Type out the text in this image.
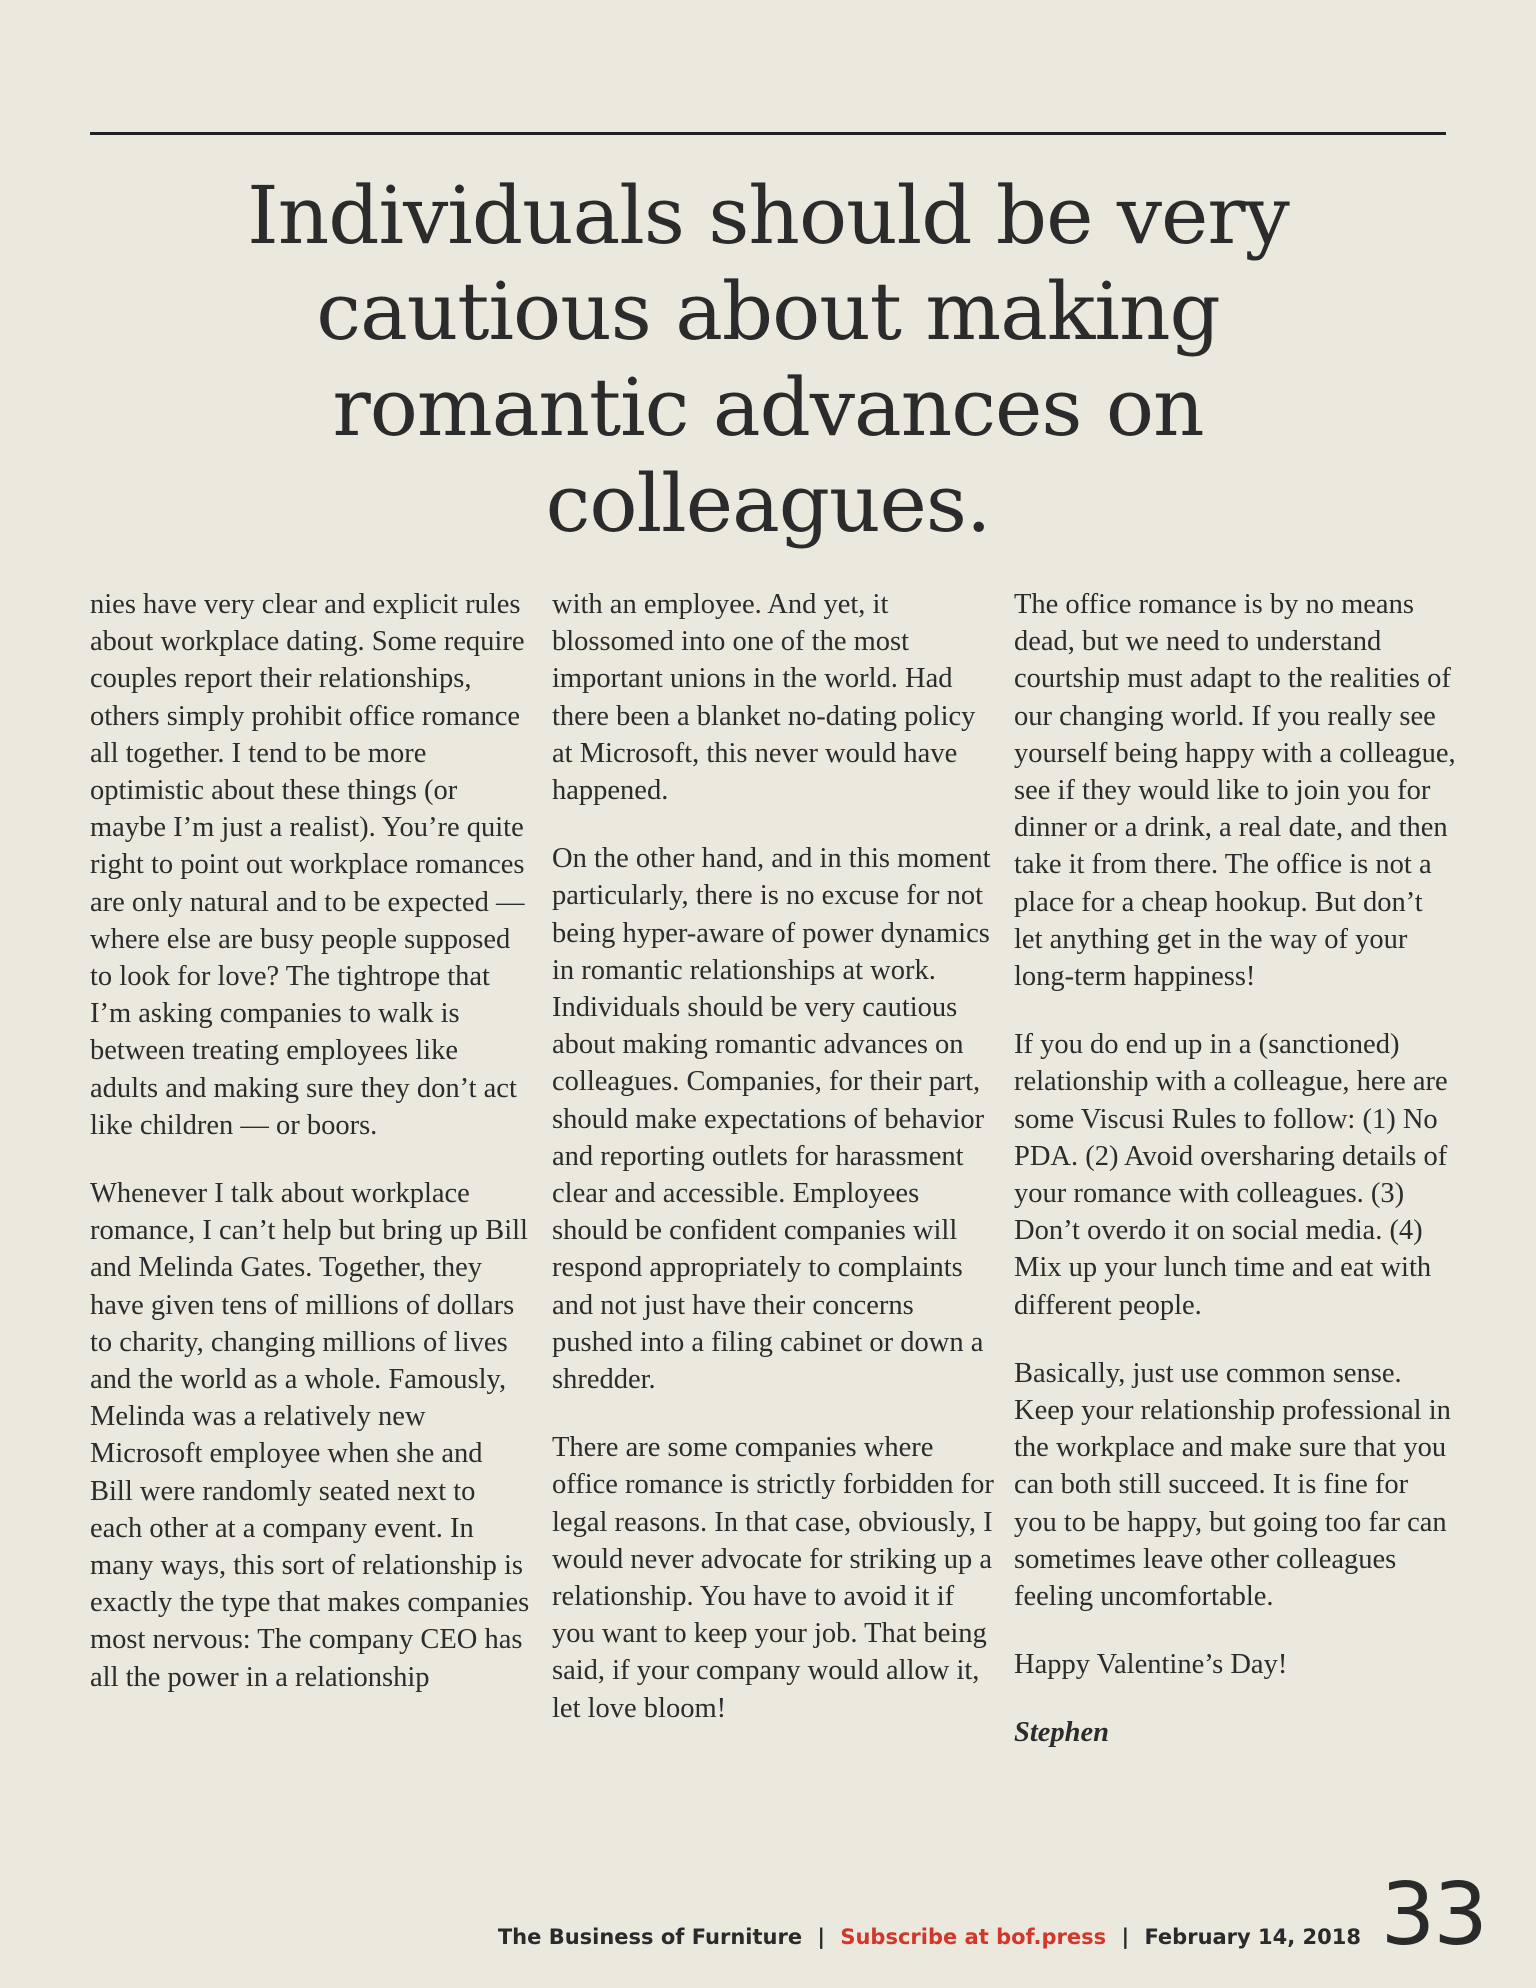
Individuals should be very cautious about making romantic advances on colleagues.

nies have very clear and explicit rules about workplace dating. Some require couples report their relationships, others simply prohibit office romance all together. I tend to be more optimistic about these things (or maybe I’m just a realist). You’re quite right to point out workplace romances are only natural and to be expected — where else are busy people supposed to look for love? The tightrope that I’m asking companies to walk is between treating employees like adults and making sure they don’t act like children — or boors.

Whenever I talk about workplace romance, I can’t help but bring up Bill and Melinda Gates. Together, they have given tens of millions of dollars to charity, changing millions of lives and the world as a whole. Famously, Melinda was a relatively new Microsoft employee when she and Bill were randomly seated next to each other at a company event. In many ways, this sort of relationship is exactly the type that makes companies most nervous: The company CEO has all the power in a relationship

with an employee. And yet, it blossomed into one of the most important unions in the world. Had there been a blanket no-dating policy at Microsoft, this never would have happened.

On the other hand, and in this moment particularly, there is no excuse for not being hyper-aware of power dynamics in romantic relationships at work. Individuals should be very cautious about making romantic advances on colleagues. Companies, for their part, should make expectations of behavior and reporting outlets for harassment clear and accessible. Employees should be confident companies will respond appropriately to complaints and not just have their concerns pushed into a filing cabinet or down a shredder.

There are some companies where office romance is strictly forbidden for legal reasons. In that case, obviously, I would never advocate for striking up a relationship. You have to avoid it if you want to keep your job. That being said, if your company would allow it, let love bloom!

The office romance is by no means dead, but we need to understand courtship must adapt to the realities of our changing world. If you really see yourself being happy with a colleague, see if they would like to join you for dinner or a drink, a real date, and then take it from there. The office is not a place for a cheap hookup. But don’t let anything get in the way of your long-term happiness!

If you do end up in a (sanctioned) relationship with a colleague, here are some Viscusi Rules to follow: (1) No PDA. (2) Avoid oversharing details of your romance with colleagues. (3) Don’t overdo it on social media. (4) Mix up your lunch time and eat with different people.

Basically, just use common sense. Keep your relationship professional in the workplace and make sure that you can both still succeed. It is fine for you to be happy, but going too far can sometimes leave other colleagues feeling uncomfortable.

Happy Valentine’s Day!

Stephen

The Business of Furniture | Subscribe at bof.press | February 14, 2018 33
